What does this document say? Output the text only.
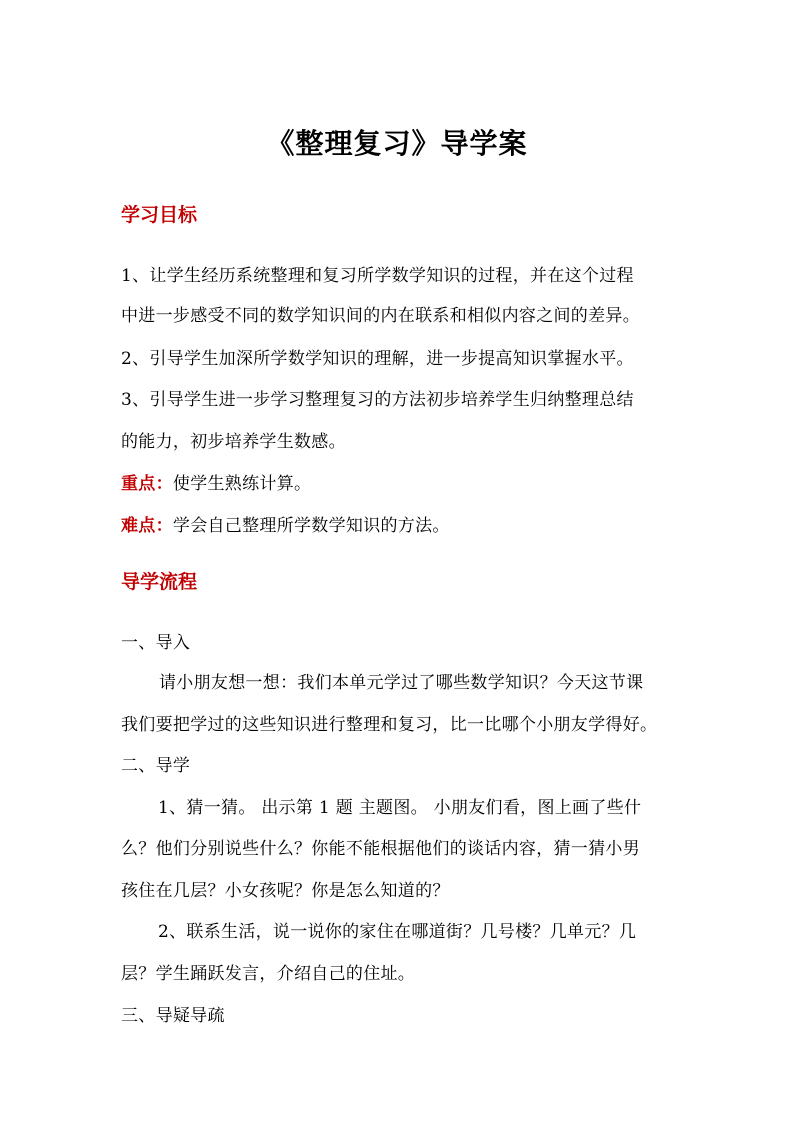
《整理复习》导学案
学习目标
1、让学生经历系统整理和复习所学数学知识的过程，并在这个过程
中进一步感受不同的数学知识间的内在联系和相似内容之间的差异。
2、引导学生加深所学数学知识的理解，进一步提高知识掌握水平。
3、引导学生进一步学习整理复习的方法初步培养学生归纳整理总结
的能力，初步培养学生数感。
重点：使学生熟练计算。
难点：学会自己整理所学数学知识的方法。
导学流程
一、导入
请小朋友想一想：我们本单元学过了哪些数学知识？今天这节课
我们要把学过的这些知识进行整理和复习，比一比哪个小朋友学得好。
二、导学
1、猜一猜。 出示第 1 题 主题图。 小朋友们看，图上画了些什
么？他们分别说些什么？你能不能根据他们的谈话内容，猜一猜小男
孩住在几层？小女孩呢？你是怎么知道的？
2、联系生活，说一说你的家住在哪道街？几号楼？几单元？几
层？学生踊跃发言，介绍自己的住址。
三、导疑导疏
